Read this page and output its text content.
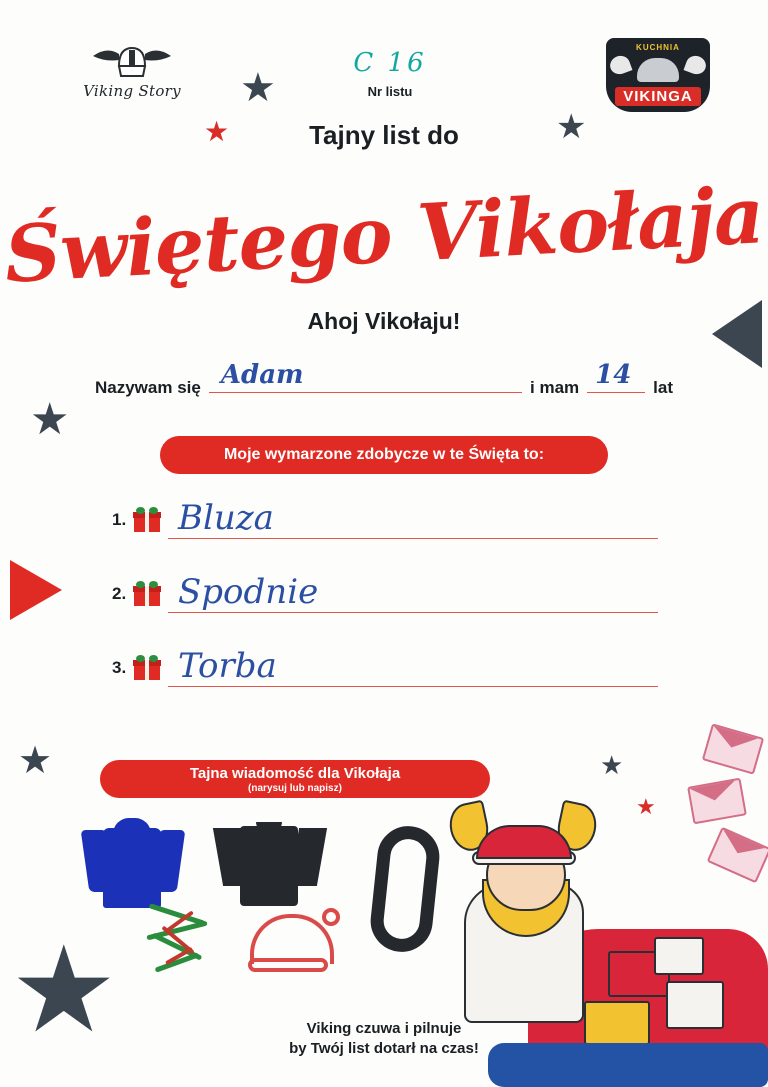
★
★
★
★
★	★
★
★
Viking Story
KUCHNIA
VIKINGA
C 16
Nr listu
Tajny list do
Świętego Vikołaja
Ahoj Vikołaju!
Nazywam się Adam	i mam 14 lat
Moje wymarzone zdobycze w te Święta to:
1. Bluza
2. Spodnie
3. Torba
Tajna wiadomość dla Vikołaja
(narysuj lub napisz)
Viking czuwa i pilnuje
by Twój list dotarł na czas!
